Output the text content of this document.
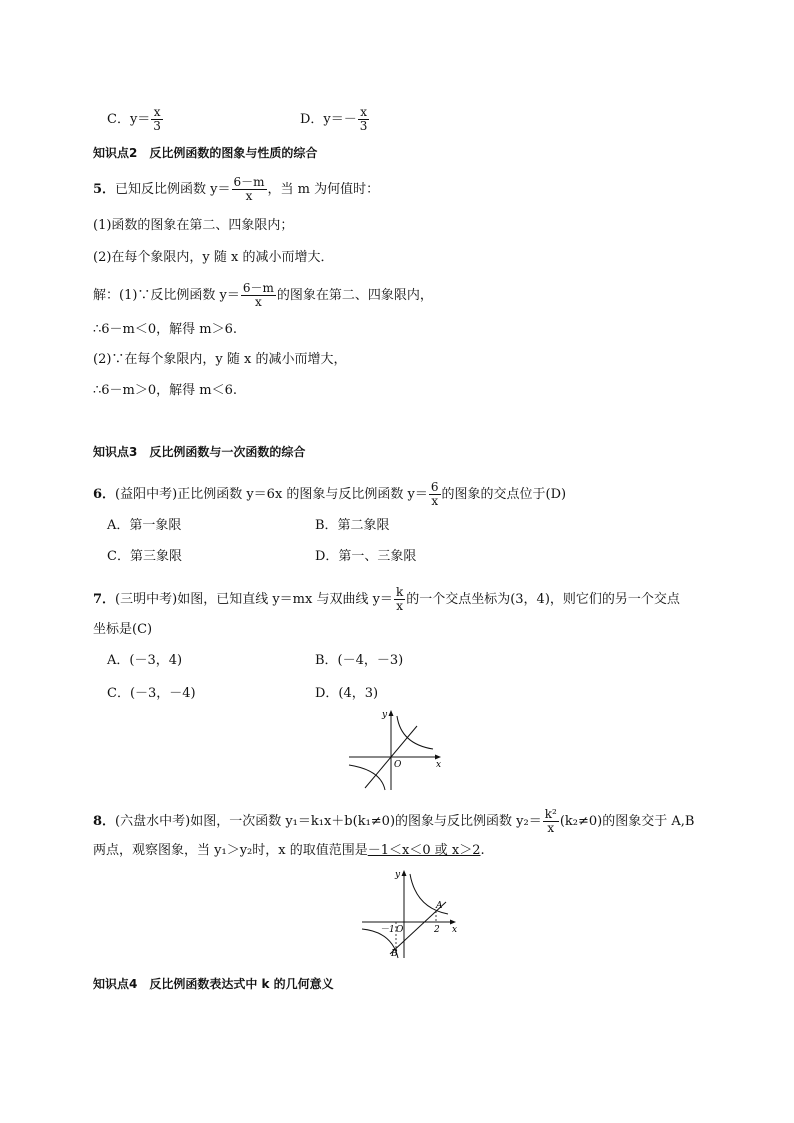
C．$y= \frac{x}{3}$	D．$y=- \frac{x}{3}$
知识点2　反比例函数的图象与性质的综合
5．已知反比例函数 $y= \frac{6-m}{x}$ ，当 m 为何值时：
(1)函数的图象在第二、四象限内；
(2)在每个象限内，y 随 x 的减小而增大．
解：(1)∵反比例函数 $y= \frac{6-m}{x}$ 的图象在第二、四象限内，
∴6－m＜0，解得 m＞6.
(2)∵在每个象限内，y 随 x 的减小而增大，
∴6－m＞0，解得 m＜6.
知识点3　反比例函数与一次函数的综合
6．(益阳中考)正比例函数 y＝6x 的图象与反比例函数 $y= \frac{6}{x}$ 的图象的交点位于(D)
A．第一象限	B．第二象限
C．第三象限	D．第一、三象限
7．(三明中考)如图，已知直线 y＝mx 与双曲线 $y= \frac{k}{x}$ 的一个交点坐标为(3，4)，则它们的另一个交点
坐标是(C)
A．(－3，4)	B．(－4，－3)
C．(－3，－4)	D．(4，3)
y
x
O
8．(六盘水中考)如图，一次函数 y₁＝k₁x＋b(k₁≠0)的图象与反比例函数 $y_2= \frac{\text{k²}}{x} (k_2\ne 0)$的图象交于 A,B
两点，观察图象，当 y₁＞y₂时，x 的取值范围是－1＜x＜0 或 x＞2.
y
x
A
B
－1 O	2
知识点4　反比例函数表达式中 k 的几何意义
